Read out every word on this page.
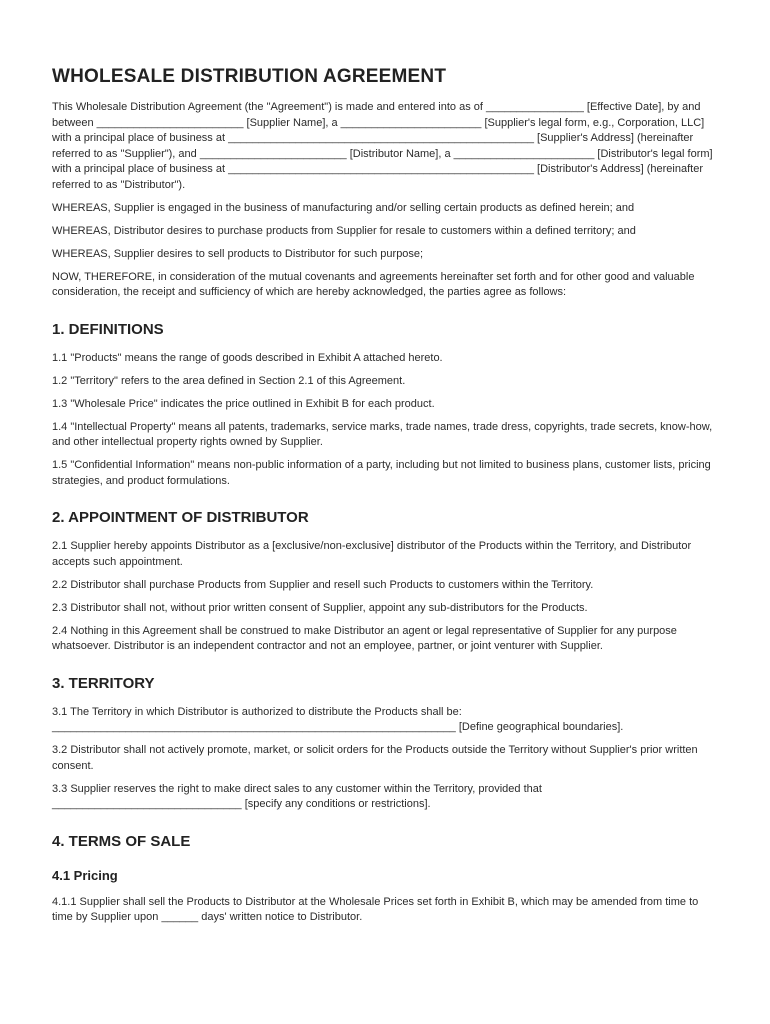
WHOLESALE DISTRIBUTION AGREEMENT

This Wholesale Distribution Agreement (the "Agreement") is made and entered into as of ________________ [Effective Date], by and between ________________________ [Supplier Name], a _______________________ [Supplier's legal form, e.g., Corporation, LLC] with a principal place of business at __________________________________________________ [Supplier's Address] (hereinafter referred to as "Supplier"), and ________________________ [Distributor Name], a _______________________ [Distributor's legal form] with a principal place of business at __________________________________________________ [Distributor's Address] (hereinafter referred to as "Distributor").

WHEREAS, Supplier is engaged in the business of manufacturing and/or selling certain products as defined herein; and

WHEREAS, Distributor desires to purchase products from Supplier for resale to customers within a defined territory; and

WHEREAS, Supplier desires to sell products to Distributor for such purpose;

NOW, THEREFORE, in consideration of the mutual covenants and agreements hereinafter set forth and for other good and valuable consideration, the receipt and sufficiency of which are hereby acknowledged, the parties agree as follows:

1. DEFINITIONS

1.1 "Products" means the range of goods described in Exhibit A attached hereto.

1.2 "Territory" refers to the area defined in Section 2.1 of this Agreement.

1.3 "Wholesale Price" indicates the price outlined in Exhibit B for each product.

1.4 "Intellectual Property" means all patents, trademarks, service marks, trade names, trade dress, copyrights, trade secrets, know-how, and other intellectual property rights owned by Supplier.

1.5 "Confidential Information" means non-public information of a party, including but not limited to business plans, customer lists, pricing strategies, and product formulations.

2. APPOINTMENT OF DISTRIBUTOR

2.1 Supplier hereby appoints Distributor as a [exclusive/non-exclusive] distributor of the Products within the Territory, and Distributor accepts such appointment.

2.2 Distributor shall purchase Products from Supplier and resell such Products to customers within the Territory.

2.3 Distributor shall not, without prior written consent of Supplier, appoint any sub-distributors for the Products.

2.4 Nothing in this Agreement shall be construed to make Distributor an agent or legal representative of Supplier for any purpose whatsoever. Distributor is an independent contractor and not an employee, partner, or joint venturer with Supplier.

3. TERRITORY

3.1 The Territory in which Distributor is authorized to distribute the Products shall be: __________________________________________________________________ [Define geographical boundaries].

3.2 Distributor shall not actively promote, market, or solicit orders for the Products outside the Territory without Supplier's prior written consent.

3.3 Supplier reserves the right to make direct sales to any customer within the Territory, provided that _______________________________ [specify any conditions or restrictions].

4. TERMS OF SALE
4.1 Pricing

4.1.1 Supplier shall sell the Products to Distributor at the Wholesale Prices set forth in Exhibit B, which may be amended from time to time by Supplier upon ______ days' written notice to Distributor.
